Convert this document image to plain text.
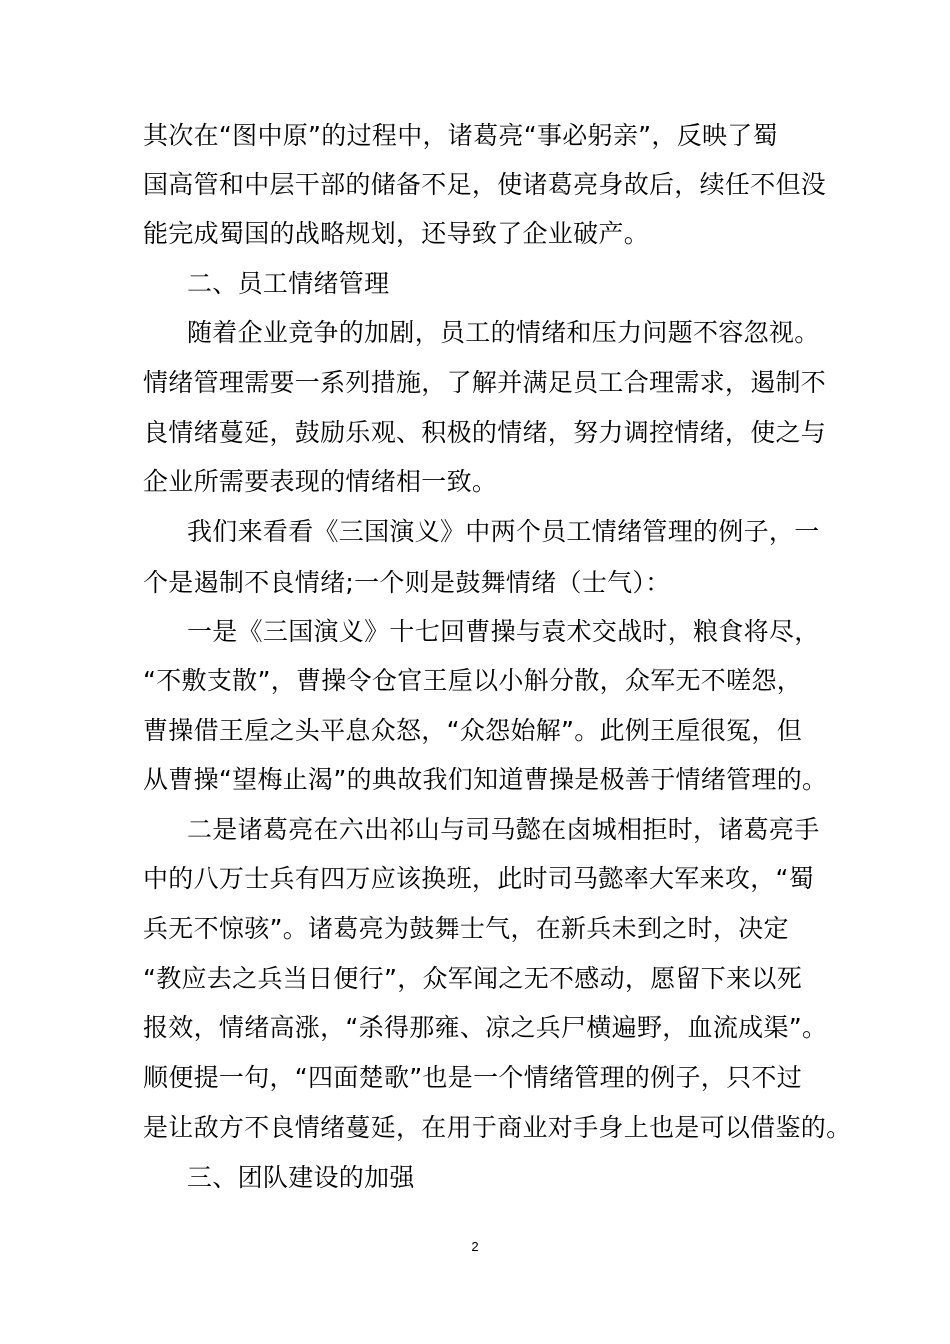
其次在“图中原”的过程中，诸葛亮“事必躬亲”，反映了蜀
国高管和中层干部的储备不足，使诸葛亮身故后，续任不但没
能完成蜀国的战略规划，还导致了企业破产。
二、员工情绪管理
随着企业竞争的加剧，员工的情绪和压力问题不容忽视。
情绪管理需要一系列措施，了解并满足员工合理需求，遏制不
良情绪蔓延，鼓励乐观、积极的情绪，努力调控情绪，使之与
企业所需要表现的情绪相一致。
我们来看看《三国演义》中两个员工情绪管理的例子，一
个是遏制不良情绪;一个则是鼓舞情绪（士气）：
一是《三国演义》十七回曹操与袁术交战时，粮食将尽，
“不敷支散”，曹操令仓官王垕以小斛分散，众军无不嗟怨，
曹操借王垕之头平息众怒，“众怨始解”。此例王垕很冤，但
从曹操“望梅止渴”的典故我们知道曹操是极善于情绪管理的。
二是诸葛亮在六出祁山与司马懿在卤城相拒时，诸葛亮手
中的八万士兵有四万应该换班，此时司马懿率大军来攻，“蜀
兵无不惊骇”。诸葛亮为鼓舞士气，在新兵未到之时，决定
“教应去之兵当日便行”，众军闻之无不感动，愿留下来以死
报效，情绪高涨，“杀得那雍、凉之兵尸横遍野，血流成渠”。
顺便提一句，“四面楚歌”也是一个情绪管理的例子，只不过
是让敌方不良情绪蔓延，在用于商业对手身上也是可以借鉴的。
三、团队建设的加强
2
